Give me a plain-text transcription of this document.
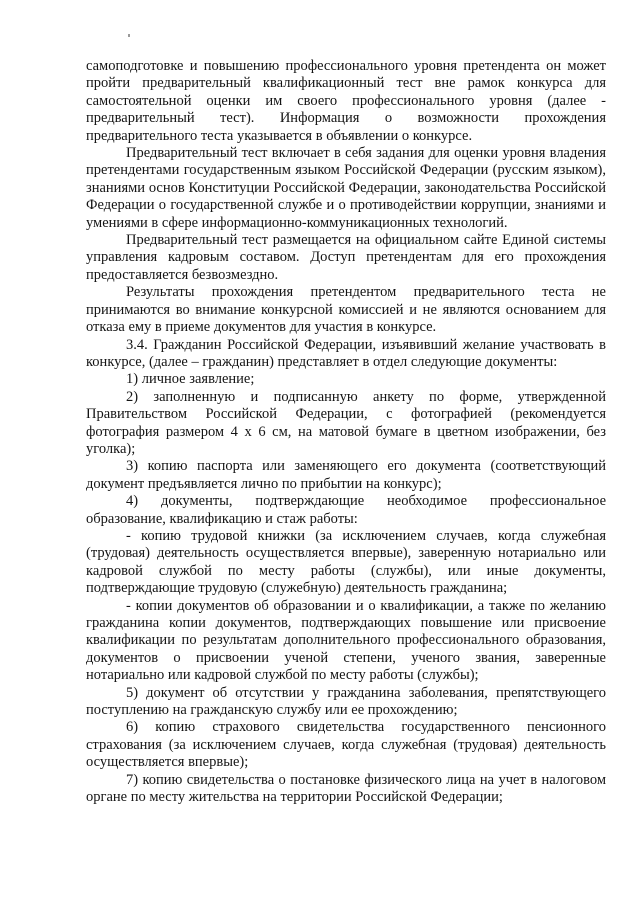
самоподготовке и повышению профессионального уровня претендента он может пройти предварительный квалификационный тест вне рамок конкурса для самостоятельной оценки им своего профессионального уровня (далее - предварительный тест). Информация о возможности прохождения предварительного теста указывается в объявлении о конкурсе.

Предварительный тест включает в себя задания для оценки уровня владения претендентами государственным языком Российской Федерации (русским языком), знаниями основ Конституции Российской Федерации, законодательства Российской Федерации о государственной службе и о противодействии коррупции, знаниями и умениями в сфере информационно-коммуникационных технологий.

Предварительный тест размещается на официальном сайте Единой системы управления кадровым составом. Доступ претендентам для его прохождения предоставляется безвозмездно.

Результаты прохождения претендентом предварительного теста не принимаются во внимание конкурсной комиссией и не являются основанием для отказа ему в приеме документов для участия в конкурсе.

3.4. Гражданин Российской Федерации, изъявивший желание участвовать в конкурсе, (далее – гражданин) представляет в отдел следующие документы:

1) личное заявление;

2) заполненную и подписанную анкету по форме, утвержденной Правительством Российской Федерации, с фотографией (рекомендуется фотография размером 4 х 6 см, на матовой бумаге в цветном изображении, без уголка);

3) копию паспорта или заменяющего его документа (соответствующий документ предъявляется лично по прибытии на конкурс);

4) документы, подтверждающие необходимое профессиональное образование, квалификацию и стаж работы:

- копию трудовой книжки (за исключением случаев, когда служебная (трудовая) деятельность осуществляется впервые), заверенную нотариально или кадровой службой по месту работы (службы), или иные документы, подтверждающие трудовую (служебную) деятельность гражданина;

- копии документов об образовании и о квалификации, а также по желанию гражданина копии документов, подтверждающих повышение или присвоение квалификации по результатам дополнительного профессионального образования, документов о присвоении ученой степени, ученого звания, заверенные нотариально или кадровой службой по месту работы (службы);

5) документ об отсутствии у гражданина заболевания, препятствующего поступлению на гражданскую службу или ее прохождению;

6) копию страхового свидетельства государственного пенсионного страхования (за исключением случаев, когда служебная (трудовая) деятельность осуществляется впервые);

7) копию свидетельства о постановке физического лица на учет в налоговом органе по месту жительства на территории Российской Федерации;
